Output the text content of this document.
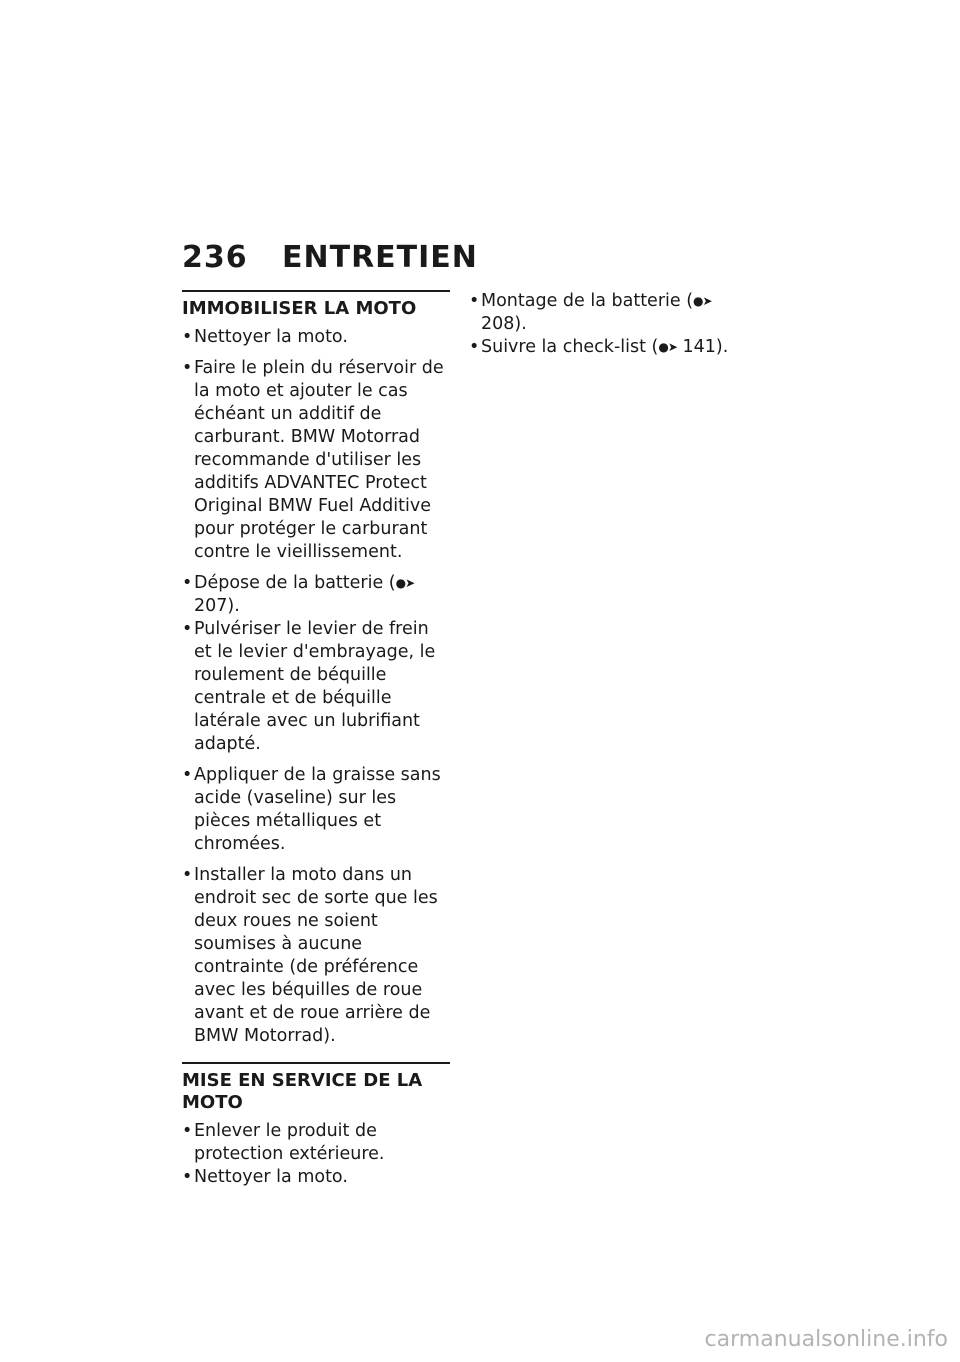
236 ENTRETIEN
IMMOBILISER LA MOTO
• Nettoyer la moto.
• Faire le plein du réservoir de la moto et ajouter le cas échéant un additif de carburant. BMW Motorrad recommande d'utiliser les additifs ADVANTEC Protect Original BMW Fuel Additive pour protéger le carburant contre le vieillissement.
• Dépose de la batterie (●➤ 207).
• Pulvériser le levier de frein et le levier d'embrayage, le roulement de béquille centrale et de béquille latérale avec un lubrifiant adapté.
• Appliquer de la graisse sans acide (vaseline) sur les pièces métalliques et chromées.
• Installer la moto dans un endroit sec de sorte que les deux roues ne soient soumises à aucune contrainte (de préférence avec les béquilles de roue avant et de roue arrière de BMW Motorrad).
MISE EN SERVICE DE LA MOTO
• Enlever le produit de protection extérieure.
• Nettoyer la moto.
• Montage de la batterie (●➤ 208).
• Suivre la check-list (●➤ 141).
carmanualsonline.info
